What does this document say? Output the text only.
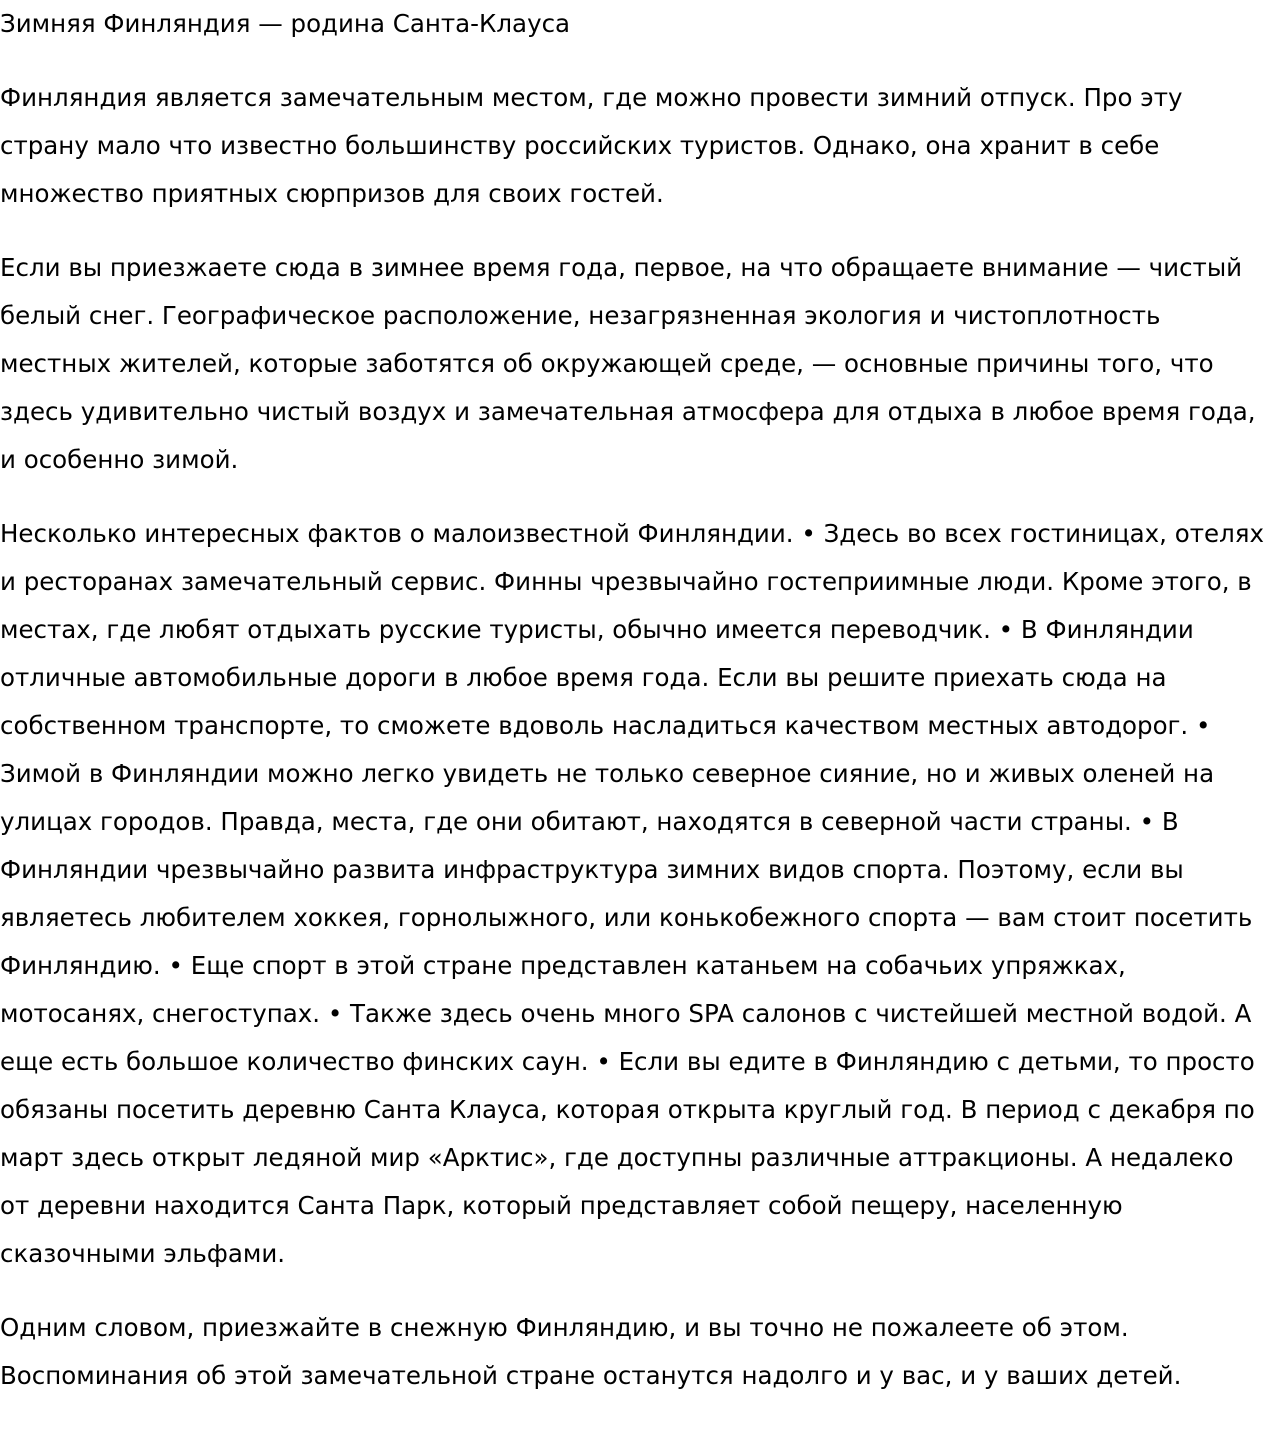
Зимняя Финляндия — родина Санта-Клауса

Финляндия является замечательным местом, где можно провести зимний отпуск. Про эту страну мало что известно большинству российских туристов. Однако, она хранит в себе множество приятных сюрпризов для своих гостей.

Если вы приезжаете сюда в зимнее время года, первое, на что обращаете внимание — чистый белый снег. Географическое расположение, незагрязненная экология и чистоплотность местных жителей, которые заботятся об окружающей среде, — основные причины того, что здесь удивительно чистый воздух и замечательная атмосфера для отдыха в любое время года, и особенно зимой.

Несколько интересных фактов о малоизвестной Финляндии. • Здесь во всех гостиницах, отелях и ресторанах замечательный сервис. Финны чрезвычайно гостеприимные люди. Кроме этого, в местах, где любят отдыхать русские туристы, обычно имеется переводчик. • В Финляндии отличные автомобильные дороги в любое время года. Если вы решите приехать сюда на собственном транспорте, то сможете вдоволь насладиться качеством местных автодорог. • Зимой в Финляндии можно легко увидеть не только северное сияние, но и живых оленей на улицах городов. Правда, места, где они обитают, находятся в северной части страны. • В Финляндии чрезвычайно развита инфраструктура зимних видов спорта. Поэтому, если вы являетесь любителем хоккея, горнолыжного, или конькобежного спорта — вам стоит посетить Финляндию. • Еще спорт в этой стране представлен катаньем на собачьих упряжках, мотосанях, снегоступах. • Также здесь очень много SPA салонов с чистейшей местной водой. А еще есть большое количество финских саун. • Если вы едите в Финляндию с детьми, то просто обязаны посетить деревню Санта Клауса, которая открыта круглый год. В период с декабря по март здесь открыт ледяной мир «Арктис», где доступны различные аттракционы. А недалеко от деревни находится Санта Парк, который представляет собой пещеру, населенную сказочными эльфами.

Одним словом, приезжайте в снежную Финляндию, и вы точно не пожалеете об этом. Воспоминания об этой замечательной стране останутся надолго и у вас, и у ваших детей.
